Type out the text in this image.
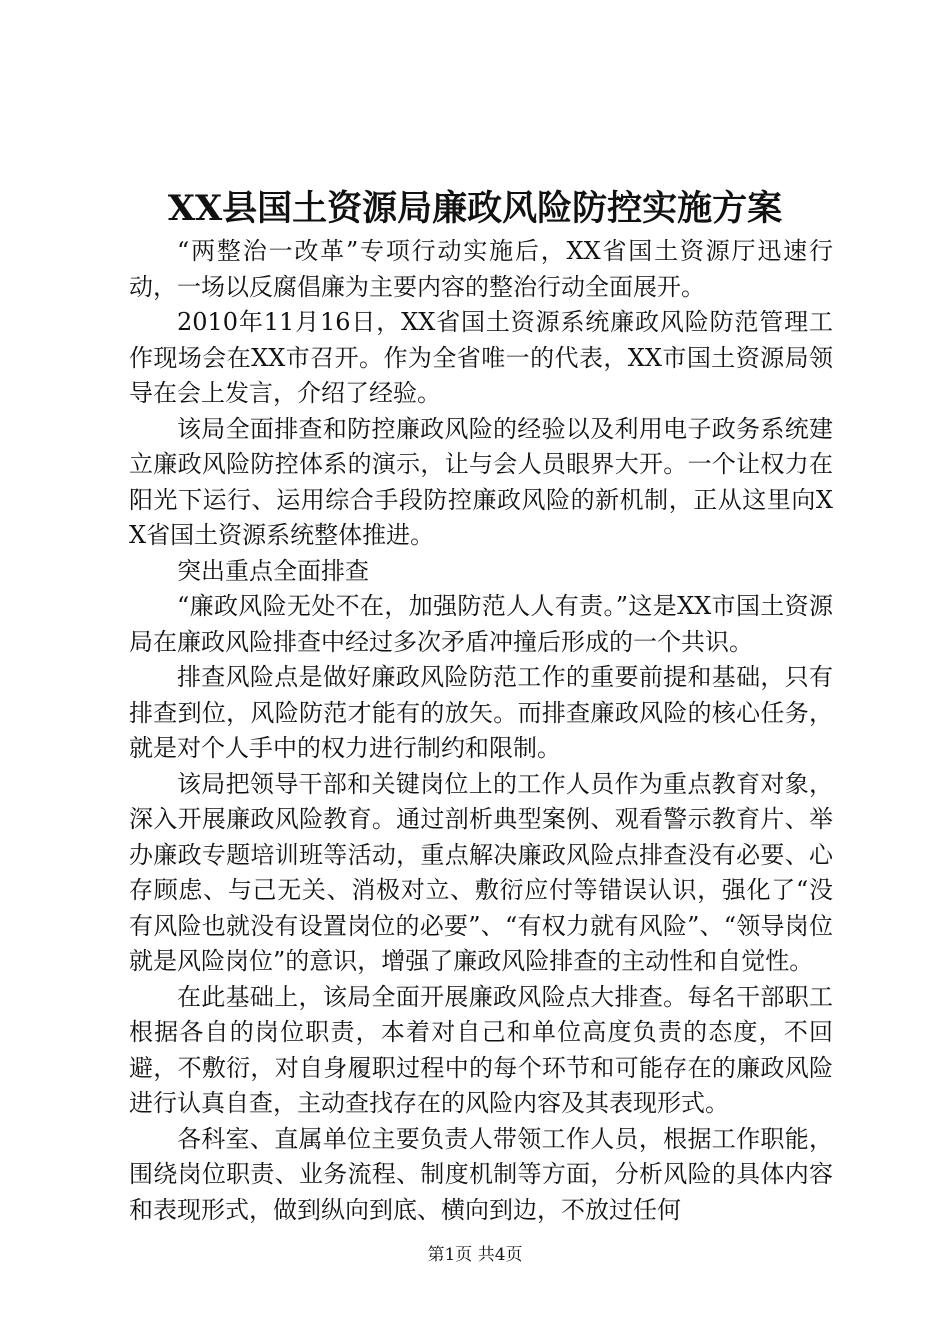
XX县国土资源局廉政风险防控实施方案

“两整治一改革”专项行动实施后，XX省国土资源厅迅速行动，一场以反腐倡廉为主要内容的整治行动全面展开。

2010年11月16日，XX省国土资源系统廉政风险防范管理工作现场会在XX市召开。作为全省唯一的代表，XX市国土资源局领导在会上发言，介绍了经验。

该局全面排查和防控廉政风险的经验以及利用电子政务系统建立廉政风险防控体系的演示，让与会人员眼界大开。一个让权力在阳光下运行、运用综合手段防控廉政风险的新机制，正从这里向XX省国土资源系统整体推进。

突出重点全面排查

“廉政风险无处不在，加强防范人人有责。”这是XX市国土资源局在廉政风险排查中经过多次矛盾冲撞后形成的一个共识。

排查风险点是做好廉政风险防范工作的重要前提和基础，只有排查到位，风险防范才能有的放矢。而排查廉政风险的核心任务，就是对个人手中的权力进行制约和限制。

该局把领导干部和关键岗位上的工作人员作为重点教育对象，深入开展廉政风险教育。通过剖析典型案例、观看警示教育片、举办廉政专题培训班等活动，重点解决廉政风险点排查没有必要、心存顾虑、与己无关、消极对立、敷衍应付等错误认识，强化了“没有风险也就没有设置岗位的必要”、“有权力就有风险”、“领导岗位就是风险岗位”的意识，增强了廉政风险排查的主动性和自觉性。

在此基础上，该局全面开展廉政风险点大排查。每名干部职工根据各自的岗位职责，本着对自己和单位高度负责的态度，不回避，不敷衍，对自身履职过程中的每个环节和可能存在的廉政风险进行认真自查，主动查找存在的风险内容及其表现形式。

各科室、直属单位主要负责人带领工作人员，根据工作职能，围绕岗位职责、业务流程、制度机制等方面，分析风险的具体内容和表现形式，做到纵向到底、横向到边，不放过任何

第1页 共4页
